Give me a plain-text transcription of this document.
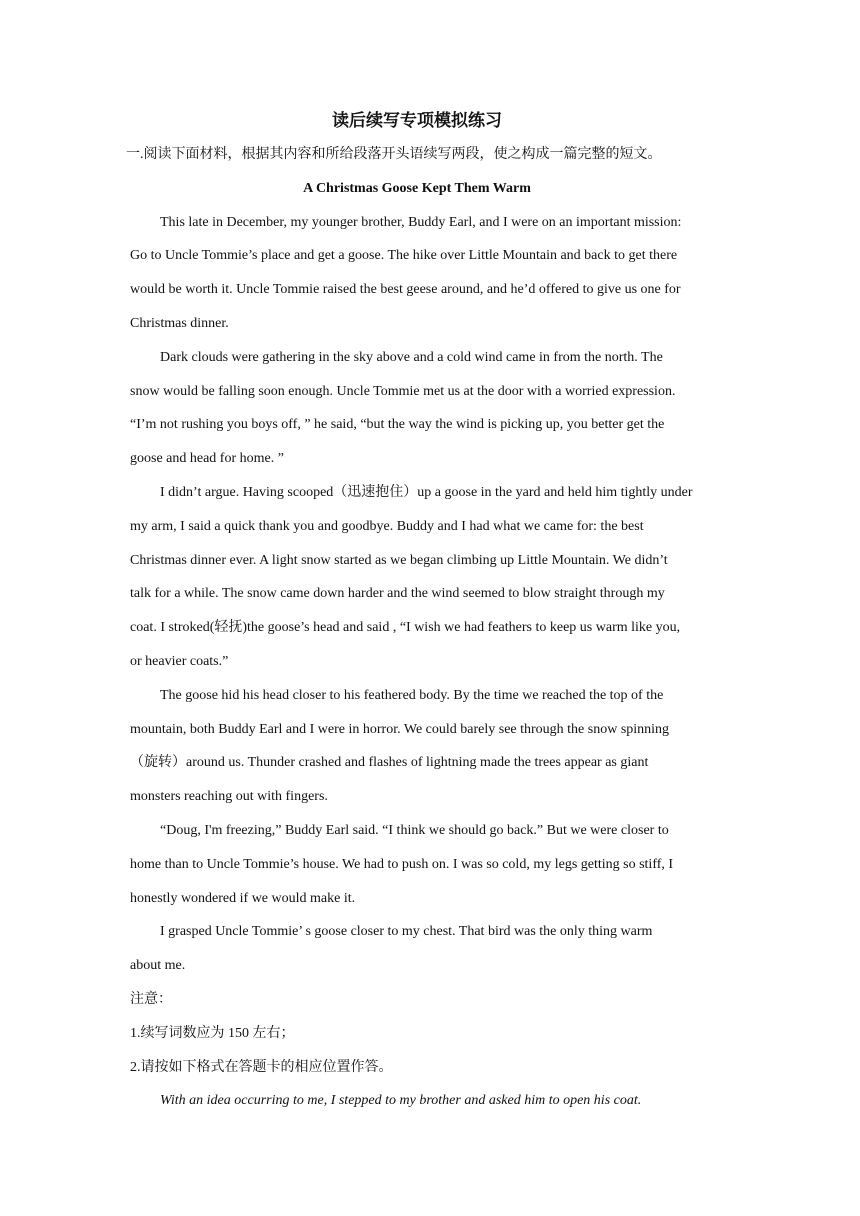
读后续写专项模拟练习

一.阅读下面材料，根据其内容和所给段落开头语续写两段，使之构成一篇完整的短文。

A Christmas Goose Kept Them Warm

This late in December, my younger brother, Buddy Earl, and I were on an important mission:

Go to Uncle Tommie’s place and get a goose. The hike over Little Mountain and back to get there

would be worth it. Uncle Tommie raised the best geese around, and he’d offered to give us one for

Christmas dinner.

Dark clouds were gathering in the sky above and a cold wind came in from the north. The

snow would be falling soon enough. Uncle Tommie met us at the door with a worried expression.

“I’m not rushing you boys off, ” he said, “but the way the wind is picking up, you better get the

goose and head for home. ”

I didn’t argue. Having scooped（迅速抱住）up a goose in the yard and held him tightly under

my arm, I said a quick thank you and goodbye. Buddy and I had what we came for: the best

Christmas dinner ever. A light snow started as we began climbing up Little Mountain. We didn’t

talk for a while. The snow came down harder and the wind seemed to blow straight through my

coat. I stroked(轻抚)the goose’s head and said , “I wish we had feathers to keep us warm like you,

or heavier coats.”

The goose hid his head closer to his feathered body. By the time we reached the top of the

mountain, both Buddy Earl and I were in horror. We could barely see through the snow spinning

（旋转）around us. Thunder crashed and flashes of lightning made the trees appear as giant

monsters reaching out with fingers.

“Doug, I'm freezing,” Buddy Earl said. “I think we should go back.” But we were closer to

home than to Uncle Tommie’s house. We had to push on. I was so cold, my legs getting so stiff, I

honestly wondered if we would make it.

I grasped Uncle Tommie’ s goose closer to my chest. That bird was the only thing warm

about me.

注意：

1.续写词数应为 150 左右；

2.请按如下格式在答题卡的相应位置作答。

With an idea occurring to me, I stepped to my brother and asked him to open his coat.
